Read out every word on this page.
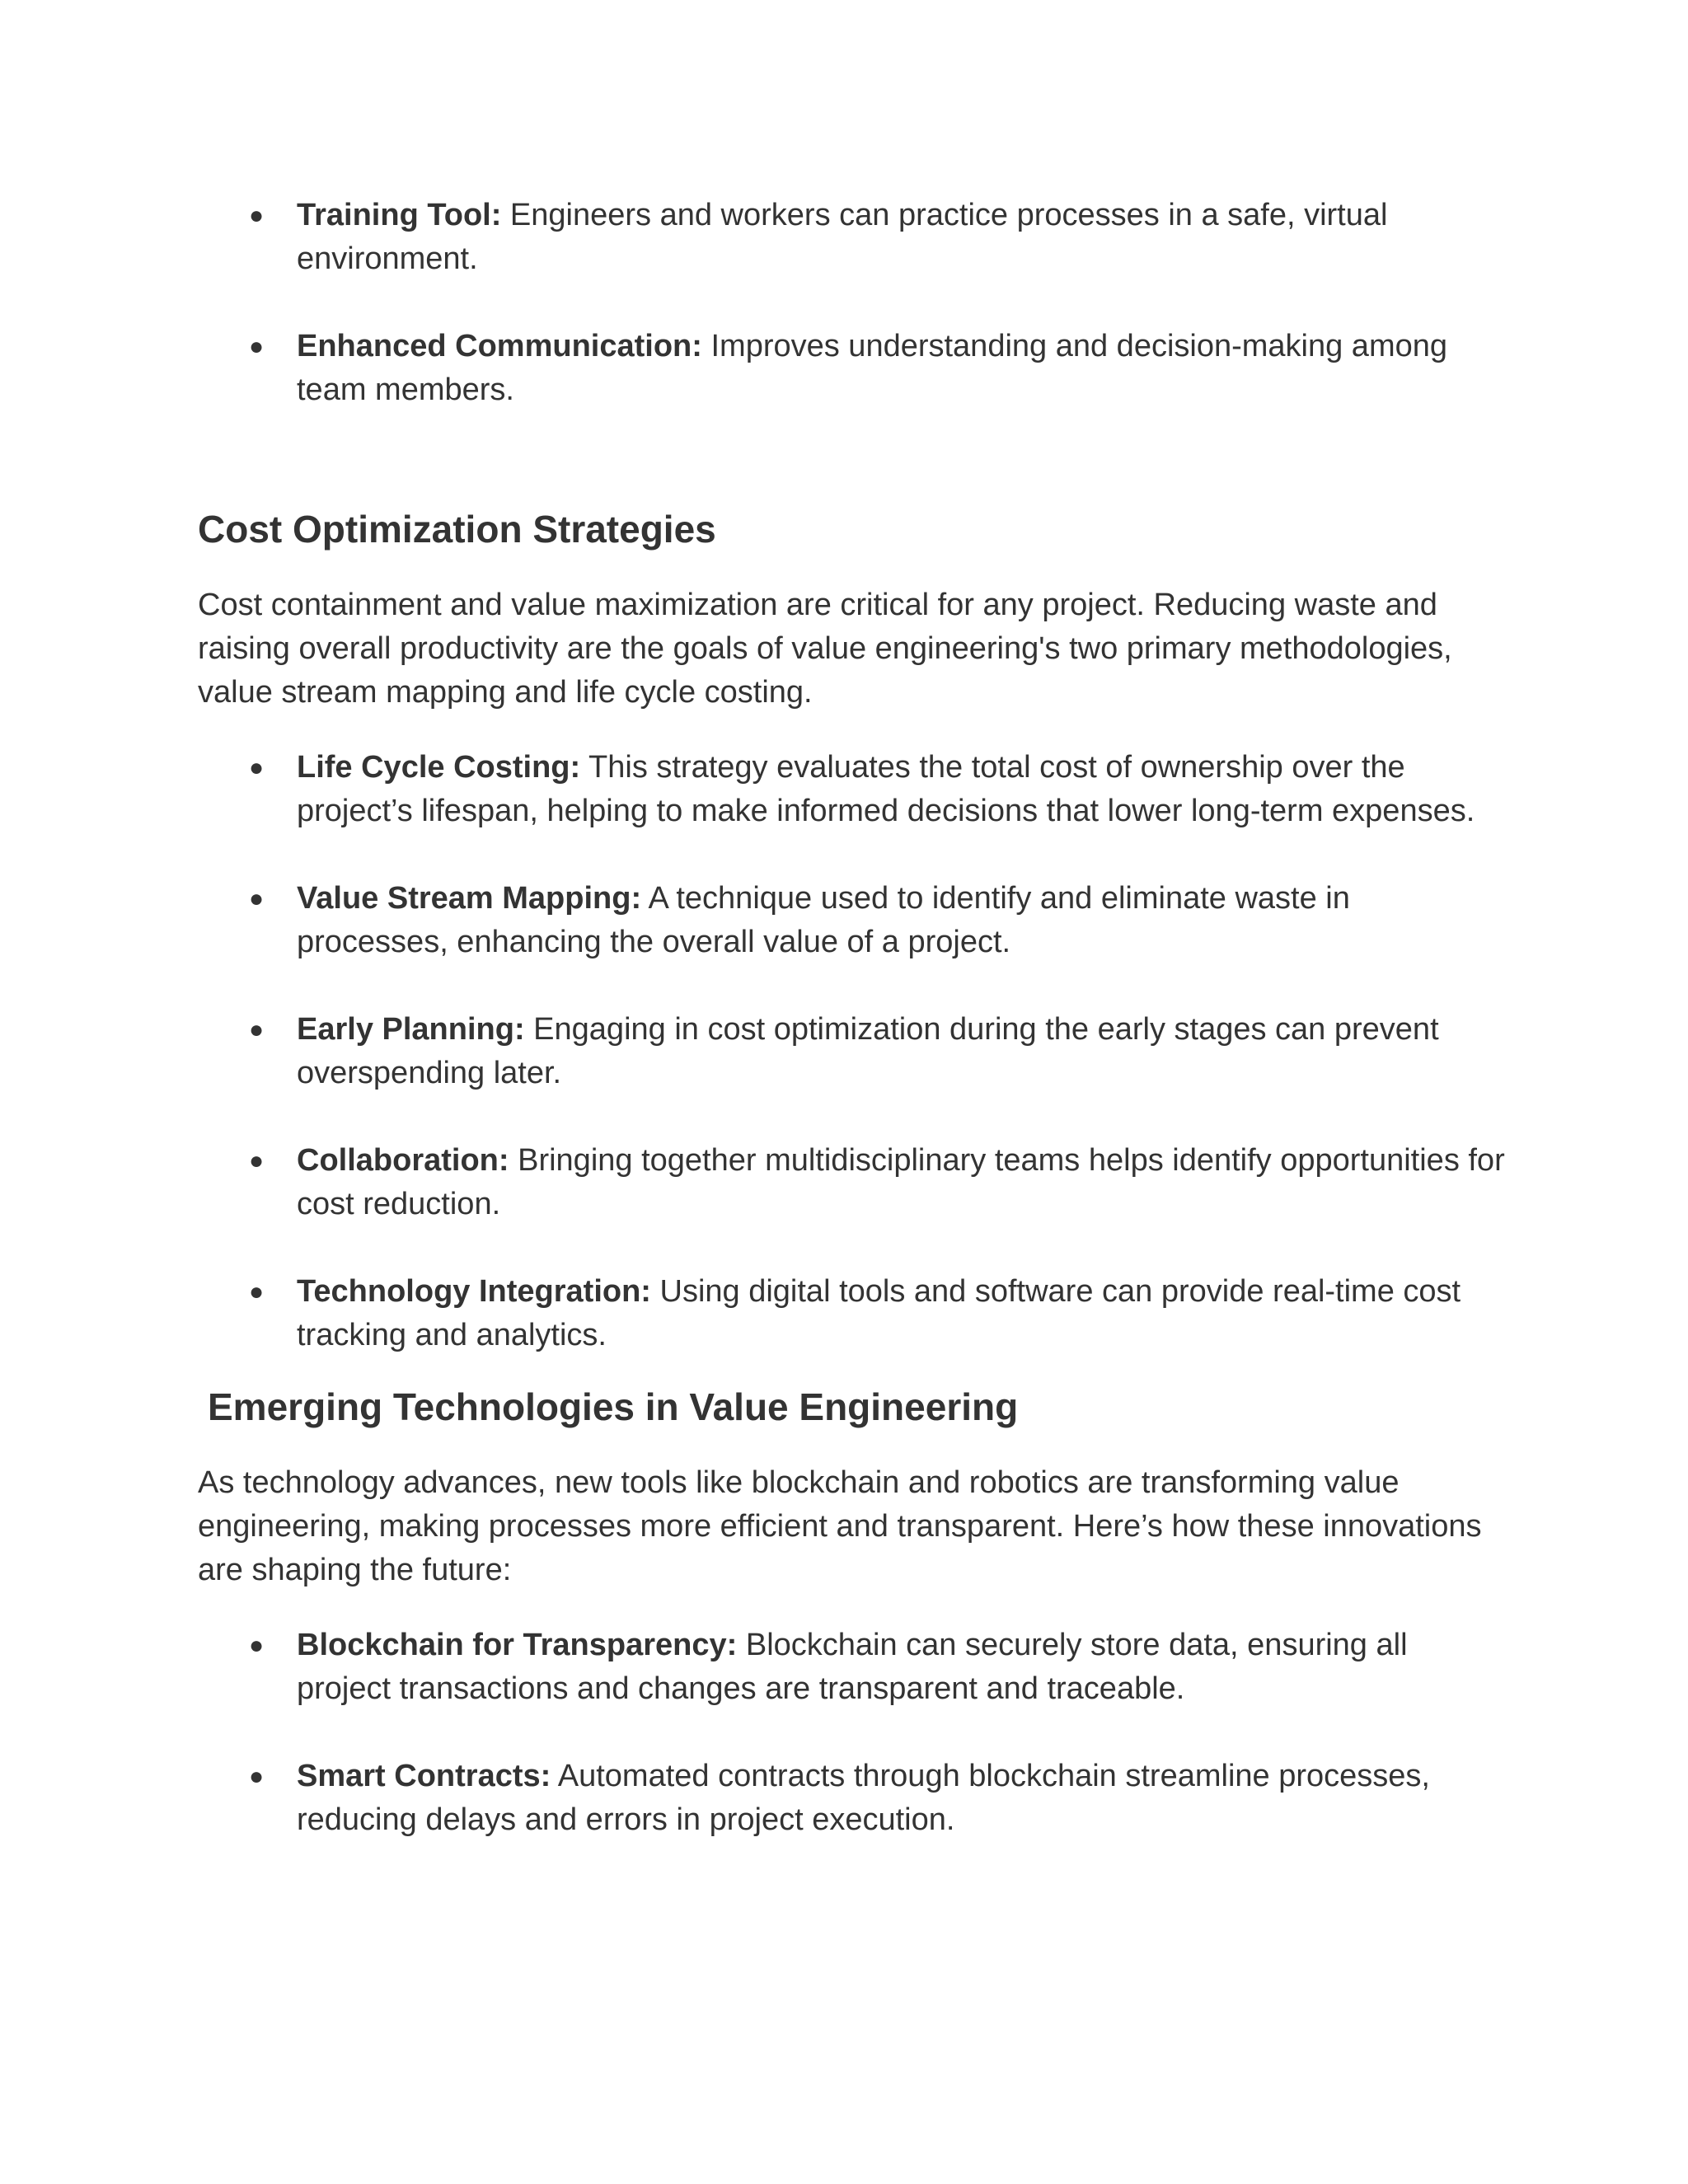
● Training Tool: Engineers and workers can practice processes in a safe, virtual environment.
● Enhanced Communication: Improves understanding and decision-making among team members.
Cost Optimization Strategies

Cost containment and value maximization are critical for any project. Reducing waste and raising overall productivity are the goals of value engineering's two primary methodologies, value stream mapping and life cycle costing.

● Life Cycle Costing: This strategy evaluates the total cost of ownership over the project’s lifespan, helping to make informed decisions that lower long-term expenses.
● Value Stream Mapping: A technique used to identify and eliminate waste in processes, enhancing the overall value of a project.
● Early Planning: Engaging in cost optimization during the early stages can prevent overspending later.
● Collaboration: Bringing together multidisciplinary teams helps identify opportunities for cost reduction.
● Technology Integration: Using digital tools and software can provide real-time cost tracking and analytics.
Emerging Technologies in Value Engineering

As technology advances, new tools like blockchain and robotics are transforming value engineering, making processes more efficient and transparent. Here’s how these innovations are shaping the future:

● Blockchain for Transparency: Blockchain can securely store data, ensuring all project transactions and changes are transparent and traceable.
● Smart Contracts: Automated contracts through blockchain streamline processes, reducing delays and errors in project execution.
